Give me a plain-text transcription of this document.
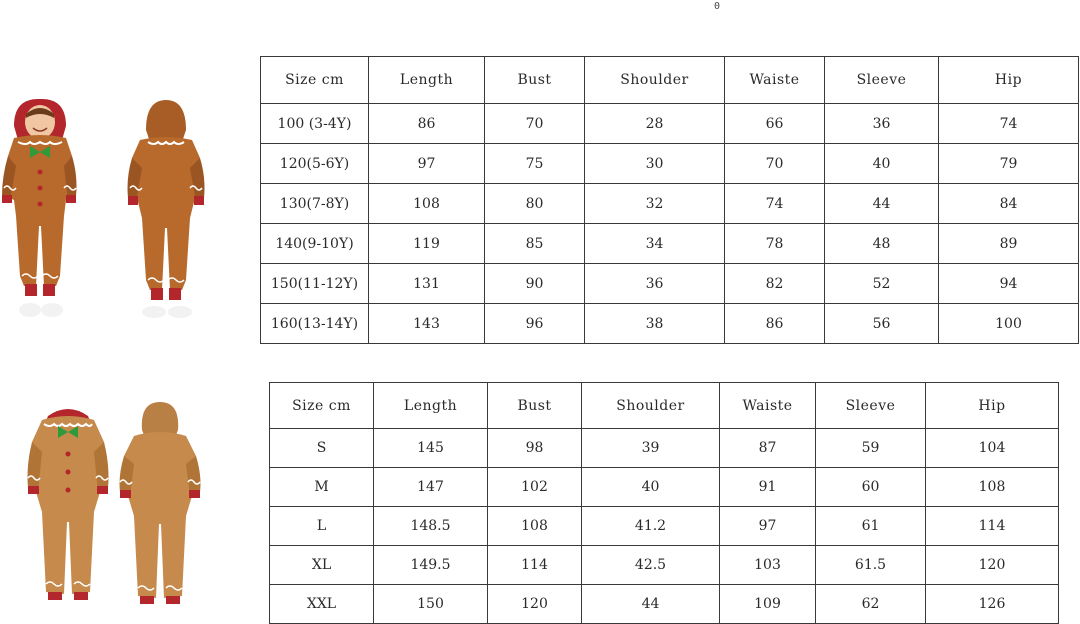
0
Size cm	Length	Bust	Shoulder	Waiste	Sleeve	Hip
100 (3-4Y)	86	70	28	66	36	74
120(5-6Y)	97	75	30	70	40	79
130(7-8Y)	108	80	32	74	44	84
140(9-10Y)	119	85	34	78	48	89
150(11-12Y)	131	90	36	82	52	94
160(13-14Y)	143	96	38	86	56	100
Size cm	Length	Bust	Shoulder	Waiste	Sleeve	Hip
S	145	98	39	87	59	104
M	147	102	40	91	60	108
L	148.5	108	41.2	97	61	114
XL	149.5	114	42.5	103	61.5	120
XXL	150	120	44	109	62	126
